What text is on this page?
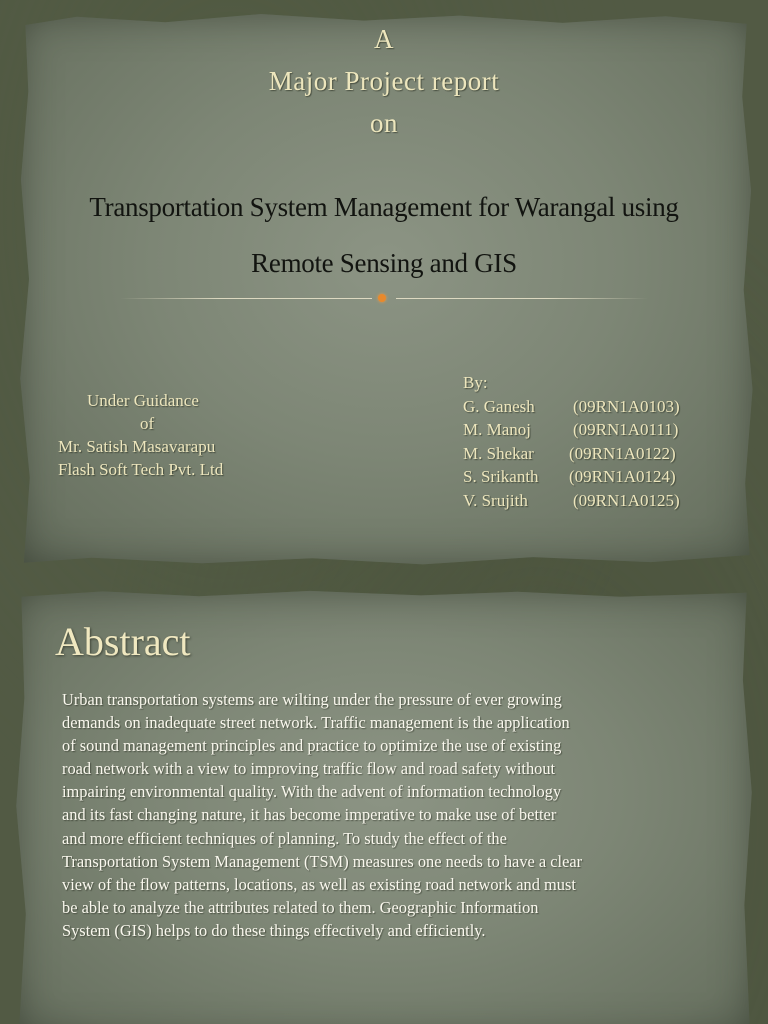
A
Major Project report
on
Transportation System Management for Warangal using
Remote Sensing and GIS
Under Guidance
of
Mr. Satish Masavarapu
Flash Soft Tech Pvt. Ltd
By:
G. Ganesh	(09RN1A0103)
M. Manoj	(09RN1A0111)
M. Shekar	(09RN1A0122)
S. Srikanth	(09RN1A0124)
V. Srujith	(09RN1A0125)
Abstract
Urban transportation systems are wilting under the pressure of ever growing
demands on inadequate street network. Traffic management is the application
of sound management principles and practice to optimize the use of existing
road network with a view to improving traffic flow and road safety without
impairing environmental quality. With the advent of information technology
and its fast changing nature, it has become imperative to make use of better
and more efficient techniques of planning. To study the effect of the
Transportation System Management (TSM) measures one needs to have a clear
view of the flow patterns, locations, as well as existing road network and must
be able to analyze the attributes related to them. Geographic Information
System (GIS) helps to do these things effectively and efficiently.
